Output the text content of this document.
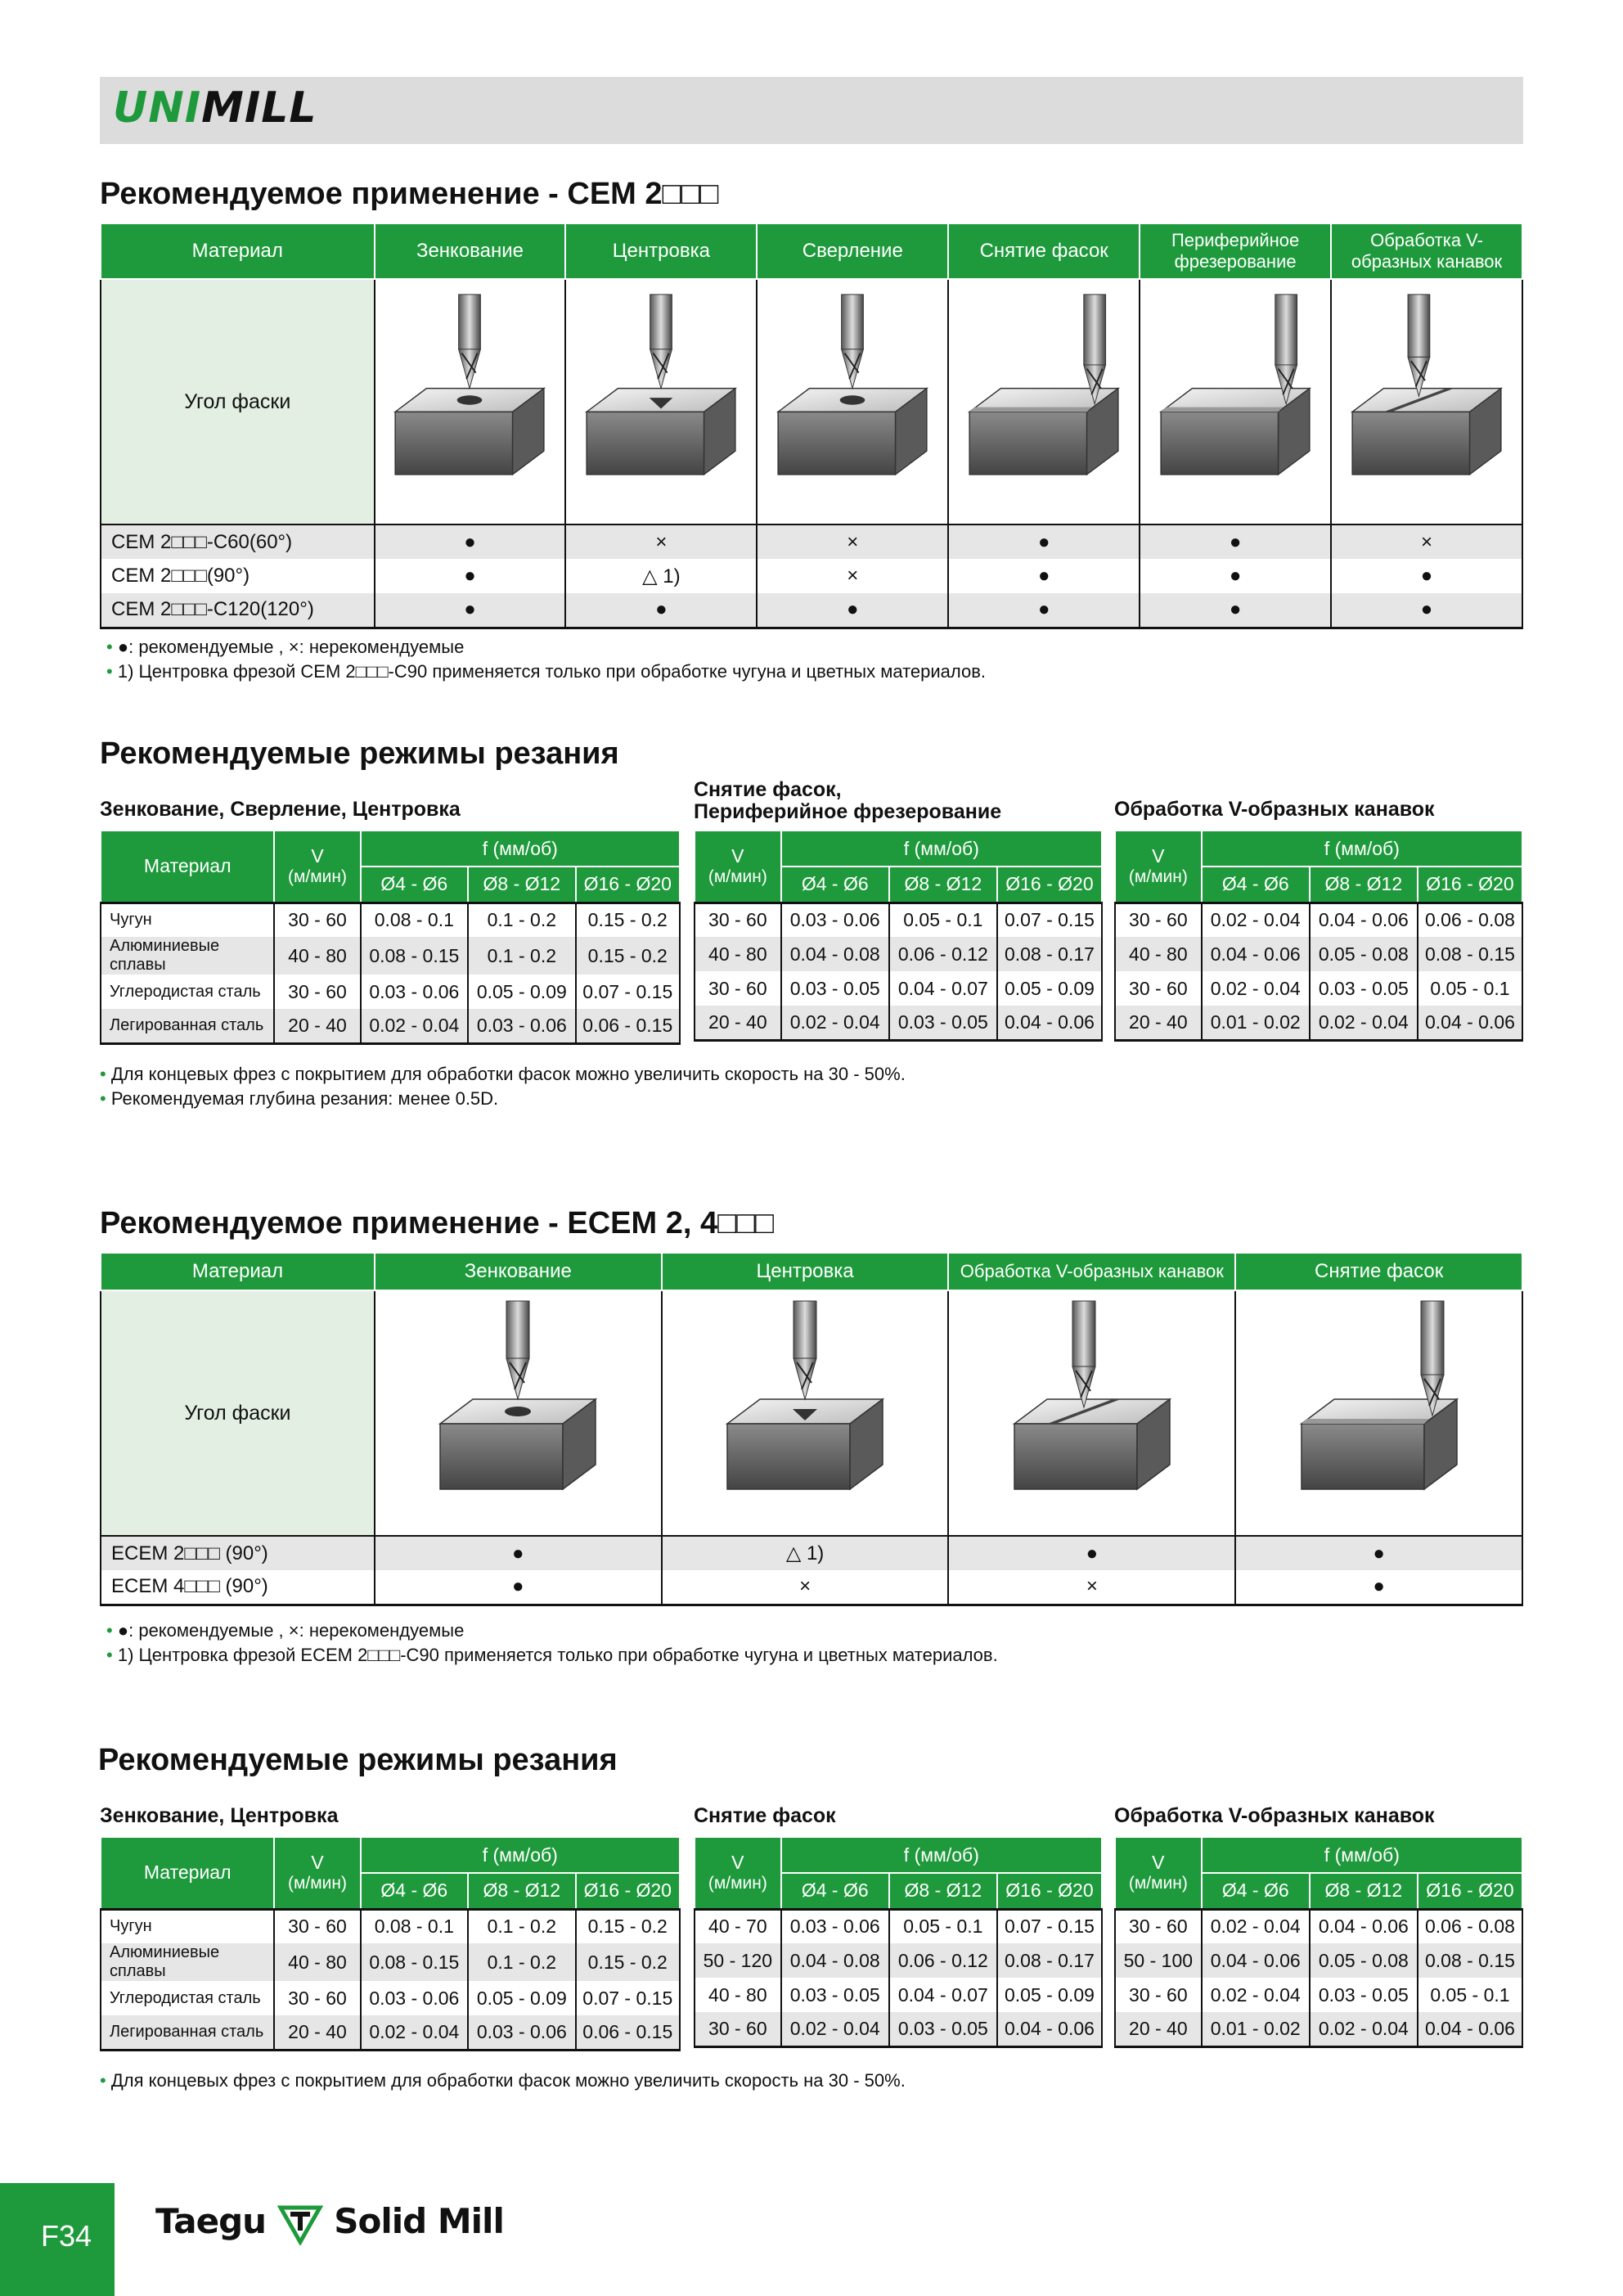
UNIMILL
Рекомендуемое применение - CEM 2□□□
Материал	Зенкование	Центровка	Сверление	Снятие фасок	Периферийное фрезерование	Обработка V-образных канавок
Угол фаски						
CEM 2□□□-C60(60°)	●	×	×	●	●	×
CEM 2□□□(90°)	●	△ 1)	×	●	●	●
CEM 2□□□-C120(120°)	●	●	●	●	●	●
• ●: рекомендуемые , ×: нерекомендуемые
• 1) Центровка фрезой CEM 2□□□-C90 применяется только при обработке чугуна и цветных материалов.
Рекомендуемые режимы резания
Зенкование, Сверление, Центровка
Снятие фасок,
Периферийное фрезерование	Обработка V-образных канавок
Материал	V
(м/мин)	f (мм/об)		
		Ø4 - Ø6	Ø8 - Ø12	Ø16 - Ø20
Чугун	30 - 60	0.08 - 0.1	0.1 - 0.2	0.15 - 0.2
Алюминиевые сплавы	40 - 80	0.08 - 0.15	0.1 - 0.2	0.15 - 0.2
Углеродистая сталь	30 - 60	0.03 - 0.06	0.05 - 0.09	0.07 - 0.15
Легированная сталь	20 - 40	0.02 - 0.04	0.03 - 0.06	0.06 - 0.15
V
(м/мин)	f (мм/об)		
	Ø4 - Ø6	Ø8 - Ø12	Ø16 - Ø20
30 - 60	0.03 - 0.06	0.05 - 0.1	0.07 - 0.15
40 - 80	0.04 - 0.08	0.06 - 0.12	0.08 - 0.17
30 - 60	0.03 - 0.05	0.04 - 0.07	0.05 - 0.09
20 - 40	0.02 - 0.04	0.03 - 0.05	0.04 - 0.06
V
(м/мин)	f (мм/об)		
	Ø4 - Ø6	Ø8 - Ø12	Ø16 - Ø20
30 - 60	0.02 - 0.04	0.04 - 0.06	0.06 - 0.08
40 - 80	0.04 - 0.06	0.05 - 0.08	0.08 - 0.15
30 - 60	0.02 - 0.04	0.03 - 0.05	0.05 - 0.1
20 - 40	0.01 - 0.02	0.02 - 0.04	0.04 - 0.06
• Для концевых фрез с покрытием для обработки фасок можно увеличить скорость на 30 - 50%.
• Рекомендуемая глубина резания: менее 0.5D.
Рекомендуемое применение - ECEM 2, 4□□□
Материал	Зенкование	Центровка	Обработка V-образных канавок	Снятие фасок
Угол фаски				
ECEM 2□□□ (90°)	●	△ 1)	●	●
ECEM 4□□□ (90°)	●	×	×	●
• ●: рекомендуемые , ×: нерекомендуемые
• 1) Центровка фрезой ECEM 2□□□-C90 применяется только при обработке чугуна и цветных материалов.
Рекомендуемые режимы резания
Зенкование, Центровка	Снятие фасок	Обработка V-образных канавок
Материал	V
(м/мин)	f (мм/об)		
		Ø4 - Ø6	Ø8 - Ø12	Ø16 - Ø20
Чугун	30 - 60	0.08 - 0.1	0.1 - 0.2	0.15 - 0.2
Алюминиевые сплавы	40 - 80	0.08 - 0.15	0.1 - 0.2	0.15 - 0.2
Углеродистая сталь	30 - 60	0.03 - 0.06	0.05 - 0.09	0.07 - 0.15
Легированная сталь	20 - 40	0.02 - 0.04	0.03 - 0.06	0.06 - 0.15
V
(м/мин)	f (мм/об)		
	Ø4 - Ø6	Ø8 - Ø12	Ø16 - Ø20
40 - 70	0.03 - 0.06	0.05 - 0.1	0.07 - 0.15
50 - 120	0.04 - 0.08	0.06 - 0.12	0.08 - 0.17
40 - 80	0.03 - 0.05	0.04 - 0.07	0.05 - 0.09
30 - 60	0.02 - 0.04	0.03 - 0.05	0.04 - 0.06
V
(м/мин)	f (мм/об)		
	Ø4 - Ø6	Ø8 - Ø12	Ø16 - Ø20
30 - 60	0.02 - 0.04	0.04 - 0.06	0.06 - 0.08
50 - 100	0.04 - 0.06	0.05 - 0.08	0.08 - 0.15
30 - 60	0.02 - 0.04	0.03 - 0.05	0.05 - 0.1
20 - 40	0.01 - 0.02	0.02 - 0.04	0.04 - 0.06
• Для концевых фрез с покрытием для обработки фасок можно увеличить скорость на 30 - 50%.
F34	Taegu Solid Mill
